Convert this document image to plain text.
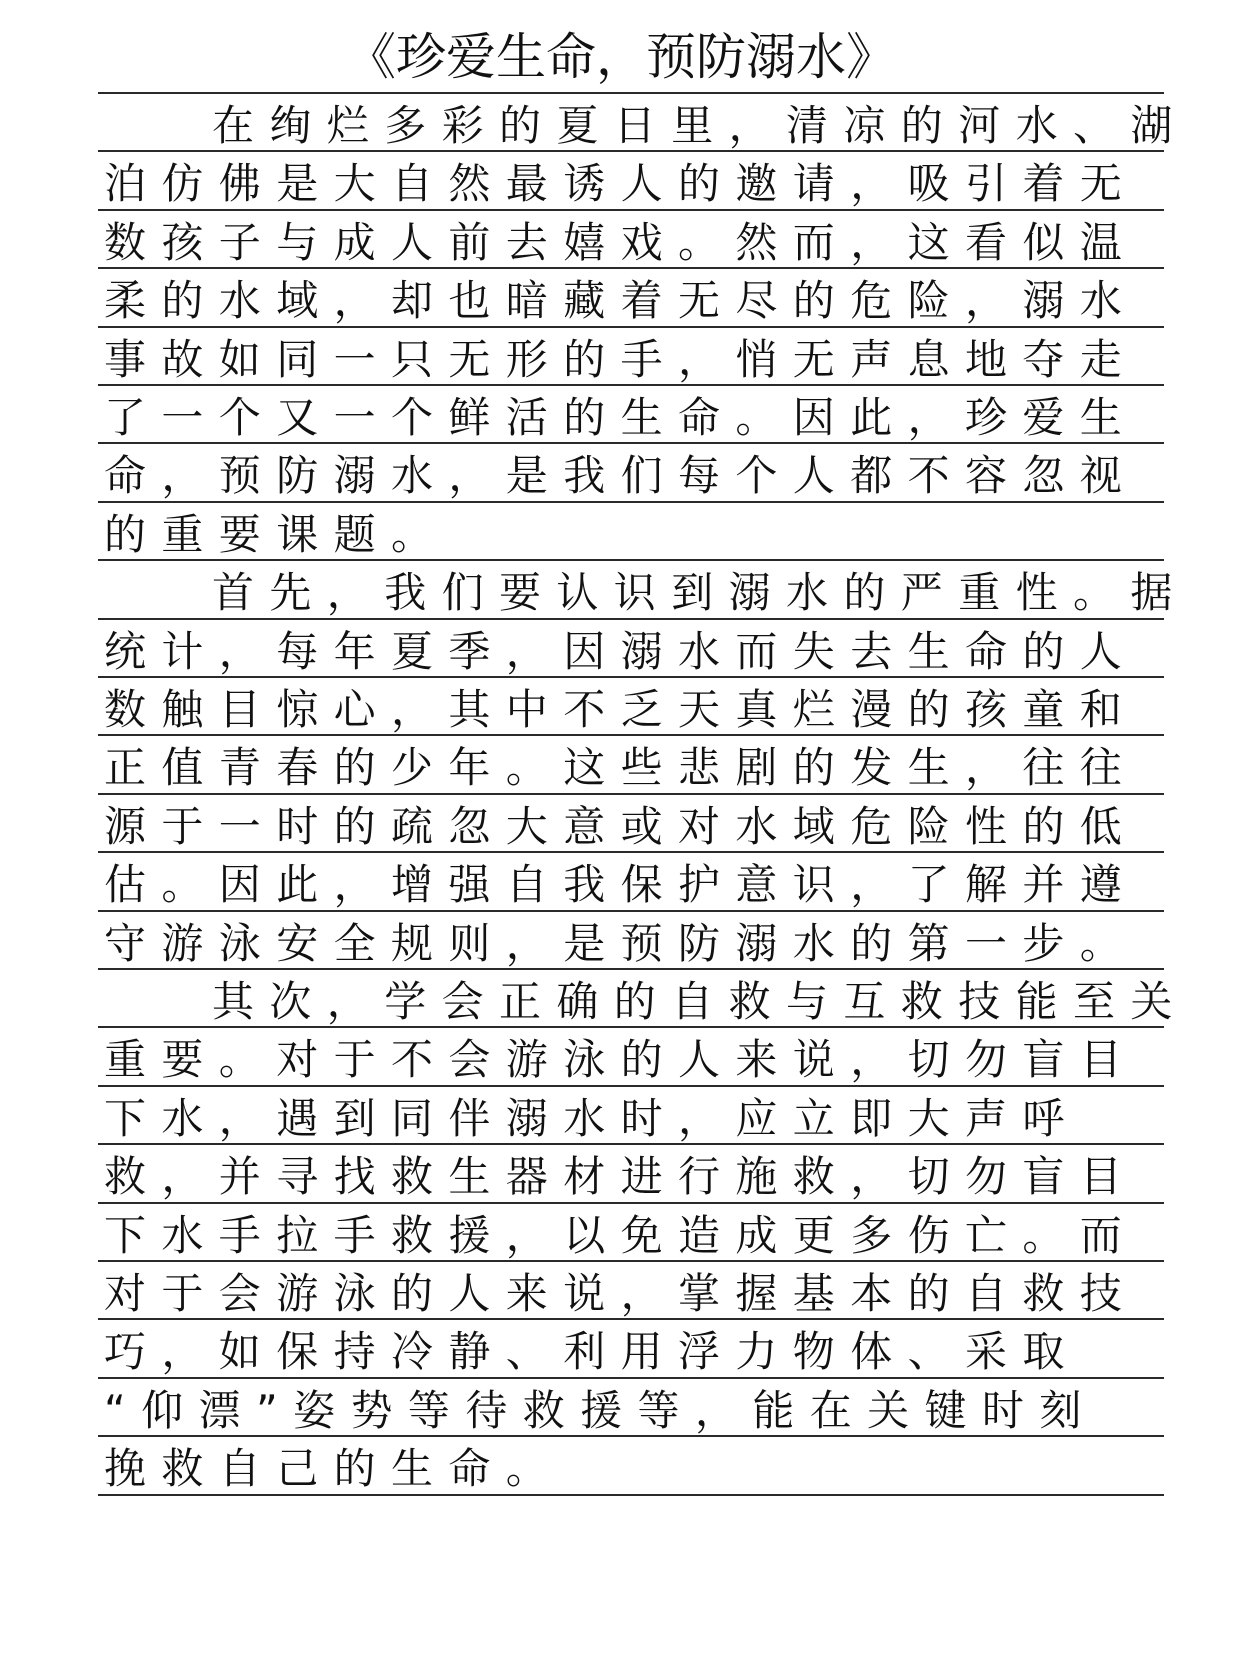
《珍爱生命，预防溺水》
在绚烂多彩的夏日里，清凉的河水、湖
泊仿佛是大自然最诱人的邀请，吸引着无
数孩子与成人前去嬉戏。然而，这看似温
柔的水域，却也暗藏着无尽的危险，溺水
事故如同一只无形的手，悄无声息地夺走
了一个又一个鲜活的生命。因此，珍爱生
命，预防溺水，是我们每个人都不容忽视
的重要课题。
首先，我们要认识到溺水的严重性。据
统计，每年夏季，因溺水而失去生命的人
数触目惊心，其中不乏天真烂漫的孩童和
正值青春的少年。这些悲剧的发生，往往
源于一时的疏忽大意或对水域危险性的低
估。因此，增强自我保护意识，了解并遵
守游泳安全规则，是预防溺水的第一步。
其次，学会正确的自救与互救技能至关
重要。对于不会游泳的人来说，切勿盲目
下水，遇到同伴溺水时，应立即大声呼
救，并寻找救生器材进行施救，切勿盲目
下水手拉手救援，以免造成更多伤亡。而
对于会游泳的人来说，掌握基本的自救技
巧，如保持冷静、利用浮力物体、采取
“仰漂”姿势等待救援等，能在关键时刻
挽救自己的生命。
